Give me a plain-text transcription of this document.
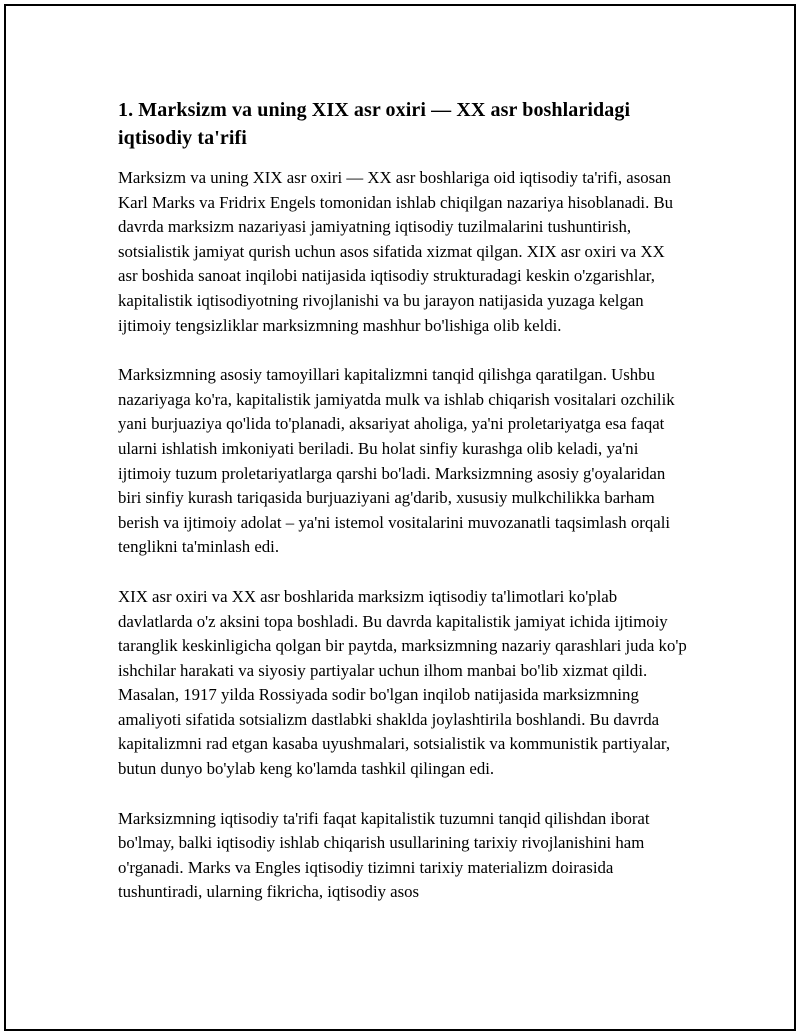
1. Marksizm va uning XIX asr oxiri — XX asr boshlaridagi iqtisodiy ta'rifi

Marksizm va uning XIX asr oxiri — XX asr boshlariga oid iqtisodiy ta'rifi, asosan Karl Marks va Fridrix Engels tomonidan ishlab chiqilgan nazariya hisoblanadi. Bu davrda marksizm nazariyasi jamiyatning iqtisodiy tuzilmalarini tushuntirish, sotsialistik jamiyat qurish uchun asos sifatida xizmat qilgan. XIX asr oxiri va XX asr boshida sanoat inqilobi natijasida iqtisodiy strukturadagi keskin o'zgarishlar, kapitalistik iqtisodiyotning rivojlanishi va bu jarayon natijasida yuzaga kelgan ijtimoiy tengsizliklar marksizmning mashhur bo'lishiga olib keldi.

Marksizmning asosiy tamoyillari kapitalizmni tanqid qilishga qaratilgan. Ushbu nazariyaga ko'ra, kapitalistik jamiyatda mulk va ishlab chiqarish vositalari ozchilik yani burjuaziya qo'lida to'planadi, aksariyat aholiga, ya'ni proletariyatga esa faqat ularni ishlatish imkoniyati beriladi. Bu holat sinfiy kurashga olib keladi, ya'ni ijtimoiy tuzum proletariyatlarga qarshi bo'ladi. Marksizmning asosiy g'oyalaridan biri sinfiy kurash tariqasida burjuaziyani ag'darib, xususiy mulkchilikka barham berish va ijtimoiy adolat – ya'ni istemol vositalarini muvozanatli taqsimlash orqali tenglikni ta'minlash edi.

XIX asr oxiri va XX asr boshlarida marksizm iqtisodiy ta'limotlari ko'plab davlatlarda o'z aksini topa boshladi. Bu davrda kapitalistik jamiyat ichida ijtimoiy taranglik keskinligicha qolgan bir paytda, marksizmning nazariy qarashlari juda ko'p ishchilar harakati va siyosiy partiyalar uchun ilhom manbai bo'lib xizmat qildi. Masalan, 1917 yilda Rossiyada sodir bo'lgan inqilob natijasida marksizmning amaliyoti sifatida sotsializm dastlabki shaklda joylashtirila boshlandi. Bu davrda kapitalizmni rad etgan kasaba uyushmalari, sotsialistik va kommunistik partiyalar, butun dunyo bo'ylab keng ko'lamda tashkil qilingan edi.

Marksizmning iqtisodiy ta'rifi faqat kapitalistik tuzumni tanqid qilishdan iborat bo'lmay, balki iqtisodiy ishlab chiqarish usullarining tarixiy rivojlanishini ham o'rganadi. Marks va Engles iqtisodiy tizimni tarixiy materializm doirasida tushuntiradi, ularning fikricha, iqtisodiy asos
